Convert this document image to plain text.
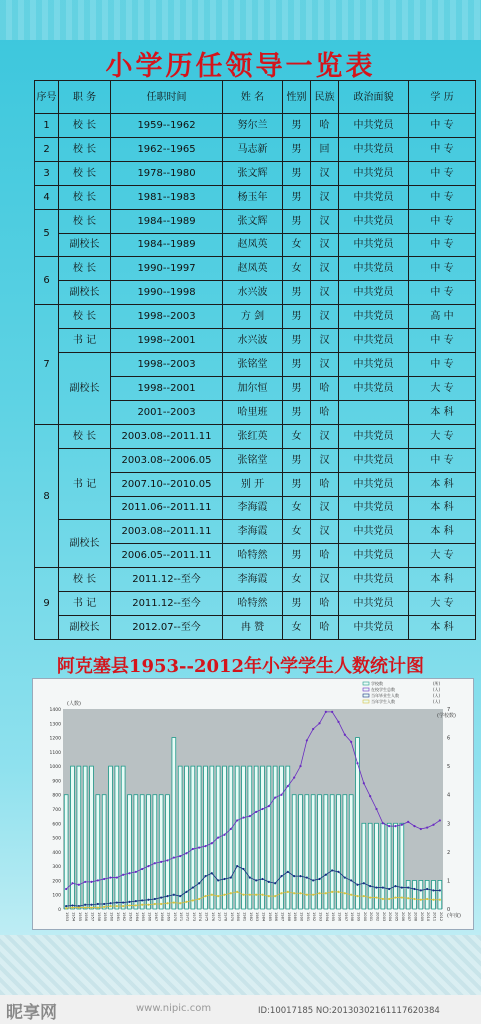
小学历任领导一览表
序号	职 务	任职时间	姓 名	性别	民族	政治面貌	学 历
1	校 长	1959--1962	努尔兰	男	哈	中共党员	中 专
2	校 长	1962--1965	马志新	男	回	中共党员	中 专
3	校 长	1978--1980	张文辉	男	汉	中共党员	中 专
4	校 长	1981--1983	杨玉年	男	汉	中共党员	中 专
5	校 长	1984--1989	张文辉	男	汉	中共党员	中 专
	副校长	1984--1989	赵凤英	女	汉	中共党员	中 专
6	校 长	1990--1997	赵凤英	女	汉	中共党员	中 专
	副校长	1990--1998	水兴波	男	汉	中共党员	中 专
7	校 长	1998--2003	方 剑	男	汉	中共党员	高 中
	书 记	1998--2001	水兴波	男	汉	中共党员	中 专
	副校长	1998--2003	张铭堂	男	汉	中共党员	中 专
		1998--2001	加尔恒	男	哈	中共党员	大 专
		2001--2003	哈里班	男	哈		本 科
8	校 长	2003.08--2011.11	张红英	女	汉	中共党员	大 专
	书 记	2003.08--2006.05	张铭堂	男	汉	中共党员	中 专
		2007.10--2010.05	别 开	男	哈	中共党员	本 科
		2011.06--2011.11	李海霞	女	汉	中共党员	本 科
	副校长	2003.08--2011.11	李海霞	女	汉	中共党员	本 科
		2006.05--2011.11	哈特然	男	哈	中共党员	大 专
9	校 长	2011.12--至今	李海霞	女	汉	中共党员	本 科
	书 记	2011.12--至今	哈特然	男	哈	中共党员	大 专
	副校长	2012.07--至今	冉 赞	女	哈	中共党员	本 科
阿克塞县1953--2012年小学学生人数统计图
0
100
200
300
400
500
600
700
800
900
1000
1100
1200
1300
1400
0
1
2
3
4
5
6
7
1953 1954 1955 1956 1957 1958 1959 1960 1961 1962 1963 1964 1965 1966 1967 1968 1969 1970 1971 1972 1973 1974 1975 1976 1977 1978 1979 1980 1981 1982 1983 1984 1985 1986 1987 1988 1989 1990 1991 1992 1993 1994 1995 1996 1997 1998 1999 2000 2001 2002 2003 2004 2005 2006 2007 2008 2009 2010 2011 2012
(人数)
(学校数)
(年度)
学校数	(所)
在校学生总数	(人)
当年毕业生人数	(人)
当年学生入数	(人)
昵享网	www.nipic.com	ID:10017185 NO:20130302161117620384
